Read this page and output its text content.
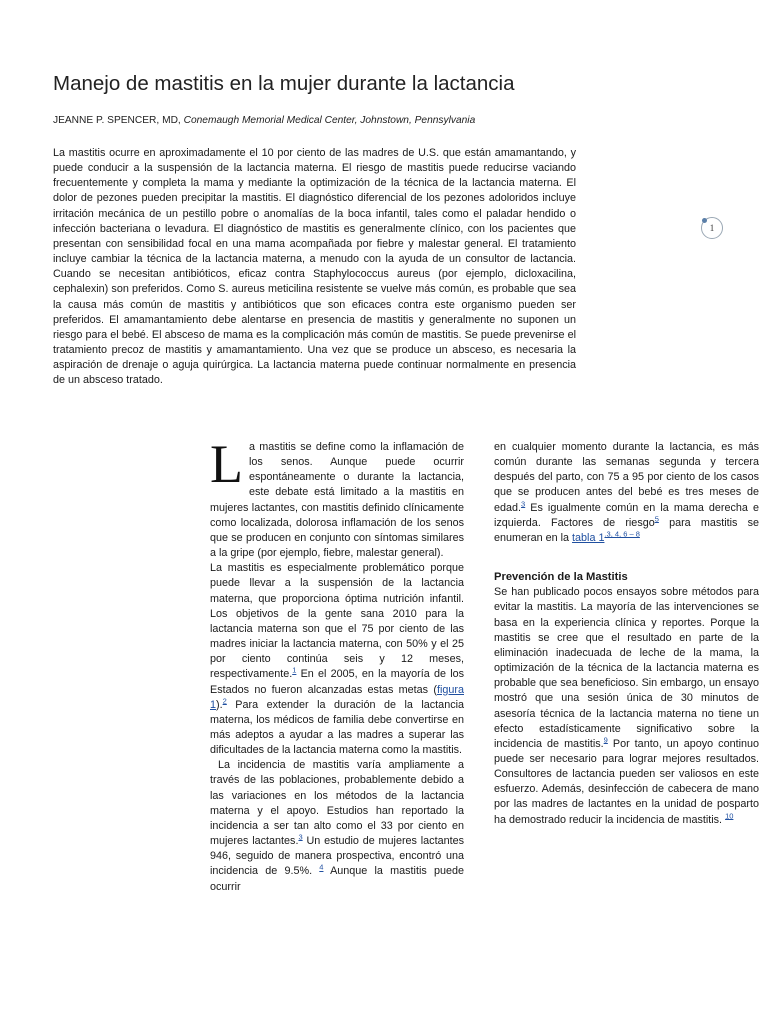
Manejo de mastitis en la mujer durante la lactancia
JEANNE P. SPENCER, MD, Conemaugh Memorial Medical Center, Johnstown, Pennsylvania

La mastitis ocurre en aproximadamente el 10 por ciento de las madres de U.S. que están amamantando, y puede conducir a la suspensión de la lactancia materna. El riesgo de mastitis puede reducirse vaciando frecuentemente y completa la mama y mediante la optimización de la técnica de la lactancia materna. El dolor de pezones pueden precipitar la mastitis. El diagnóstico diferencial de los pezones adoloridos incluye irritación mecánica de un pestillo pobre o anomalías de la boca infantil, tales como el paladar hendido o infección bacteriana o levadura. El diagnóstico de mastitis es generalmente clínico, con los pacientes que presentan con sensibilidad focal en una mama acompañada por fiebre y malestar general. El tratamiento incluye cambiar la técnica de la lactancia materna, a menudo con la ayuda de un consultor de lactancia. Cuando se necesitan antibióticos, eficaz contra Staphylococcus aureus (por ejemplo, dicloxacilina, cephalexin) son preferidos. Como S. aureus meticilina resistente se vuelve más común, es probable que sea la causa más común de mastitis y antibióticos que son eficaces contra este organismo pueden ser preferidos. El amamantamiento debe alentarse en presencia de mastitis y generalmente no suponen un riesgo para el bebé. El absceso de mama es la complicación más común de mastitis. Se puede prevenirse el tratamiento precoz de mastitis y amamantamiento. Una vez que se produce un absceso, es necesaria la aspiración de drenaje o aguja quirúrgica. La lactancia materna puede continuar normalmente en presencia de un absceso tratado.

1
L a mastitis se define como la inflamación de los senos. Aunque puede ocurrir espontáneamente o durante la lactancia, este debate está limitado a la mastitis en mujeres lactantes, con mastitis definido clínicamente como localizada, dolorosa inflamación de los senos que se producen en conjunto con síntomas similares a la gripe (por ejemplo, fiebre, malestar general).

La mastitis es especialmente problemático porque puede llevar a la suspensión de la lactancia materna, que proporciona óptima nutrición infantil. Los objetivos de la gente sana 2010 para la lactancia materna son que el 75 por ciento de las madres iniciar la lactancia materna, con 50% y el 25 por ciento continúa seis y 12 meses, respectivamente.$^1$ En el 2005, en la mayoría de los Estados no fueron alcanzadas estas metas (figura 1).$^2$ Para extender la duración de la lactancia materna, los médicos de familia debe convertirse en más adeptos a ayudar a las madres a superar las dificultades de la lactancia materna como la mastitis.

La incidencia de mastitis varía ampliamente a través de las poblaciones, probablemente debido a las variaciones en los métodos de la lactancia materna y el apoyo. Estudios han reportado la incidencia a ser tan alto como el 33 por ciento en mujeres lactantes.$^3$ Un estudio de mujeres lactantes 946, seguido de manera prospectiva, encontró una incidencia de 9.5%. $^4$ Aunque la mastitis puede ocurrir

en cualquier momento durante la lactancia, es más común durante las semanas segunda y tercera después del parto, con 75 a 95 por ciento de los casos que se producen antes del bebé es tres meses de edad.$^3$ Es igualmente común en la mama derecha e izquierda. Factores de riesgo$^5$ para mastitis se enumeran en la tabla $1^{.3, 4, 6 - 8}$

Prevención de la Mastitis

Se han publicado pocos ensayos sobre métodos para evitar la mastitis. La mayoría de las intervenciones se basa en la experiencia clínica y reportes. Porque la mastitis se cree que el resultado en parte de la eliminación inadecuada de leche de la mama, la optimización de la técnica de la lactancia materna es probable que sea beneficioso. Sin embargo, un ensayo mostró que una sesión única de 30 minutos de asesoría técnica de la lactancia materna no tiene un efecto estadísticamente significativo sobre la incidencia de mastitis.$^9$ Por tanto, un apoyo continuo puede ser necesario para lograr mejores resultados. Consultores de lactancia pueden ser valiosos en este esfuerzo. Además, desinfección de cabecera de mano por las madres de lactantes en la unidad de posparto ha demostrado reducir la incidencia de mastitis. $^{10}$
